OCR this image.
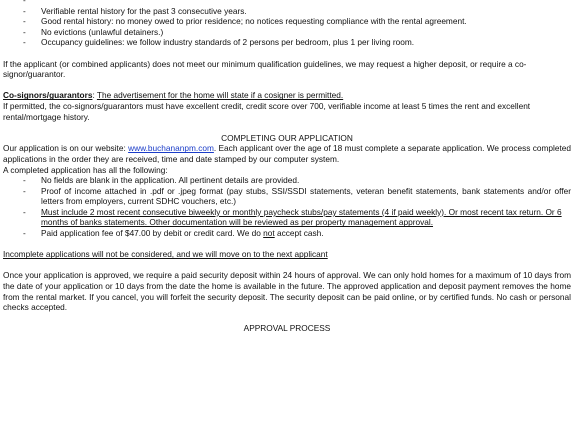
-
- Verifiable rental history for the past 3 consecutive years.
- Good rental history: no money owed to prior residence; no notices requesting compliance with the rental agreement.
- No evictions (unlawful detainers.)
- Occupancy guidelines: we follow industry standards of 2 persons per bedroom, plus 1 per living room.

If the applicant (or combined applicants) does not meet our minimum qualification guidelines, we may request a higher deposit, or require a co-signor/guarantor.

Co-signors/guarantors: The advertisement for the home will state if a cosigner is permitted.

If permitted, the co-signors/guarantors must have excellent credit, credit score over 700, verifiable income at least 5 times the rent and excellent rental/mortgage history.

COMPLETING OUR APPLICATION

Our application is on our website: www.buchananpm.com. Each applicant over the age of 18 must complete a separate application. We process completed applications in the order they are received, time and date stamped by our computer system.

A completed application has all the following:

- No fields are blank in the application. All pertinent details are provided.
- Proof of income attached in .pdf or .jpeg format (pay stubs, SSI/SSDI statements, veteran benefit statements, bank statements and/or offer letters from employers, current SDHC vouchers, etc.)
- Must include 2 most recent consecutive biweekly or monthly paycheck stubs/pay statements (4 if paid weekly). Or most recent tax return. Or 6 months of banks statements. Other documentation will be reviewed as per property management approval.
- Paid application fee of $47.00 by debit or credit card. We do not accept cash.

Incomplete applications will not be considered, and we will move on to the next applicant

Once your application is approved, we require a paid security deposit within 24 hours of approval. We can only hold homes for a maximum of 10 days from the date of your application or 10 days from the date the home is available in the future. The approved application and deposit payment removes the home from the rental market. If you cancel, you will forfeit the security deposit. The security deposit can be paid online, or by certified funds. No cash or personal checks accepted.

APPROVAL PROCESS
